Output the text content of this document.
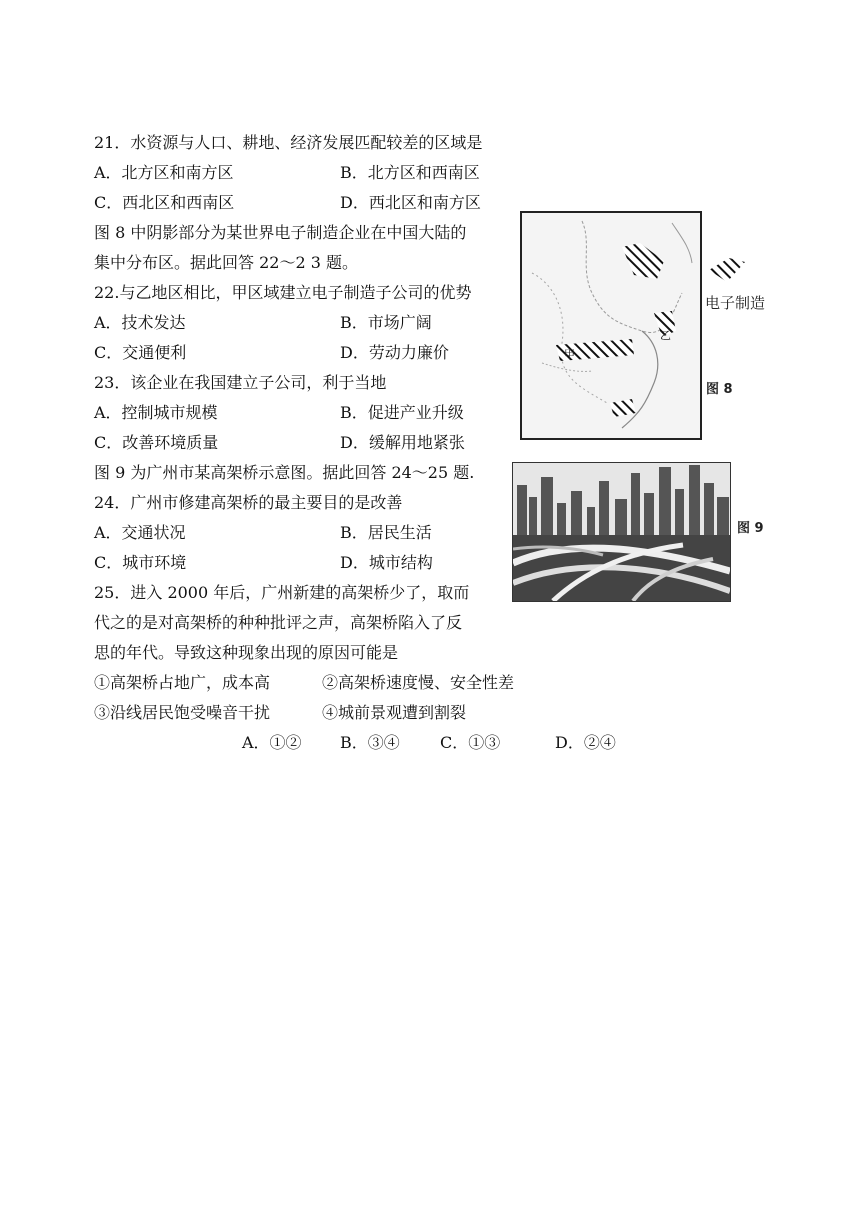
21．水资源与人口、耕地、经济发展匹配较差的区域是
A．北方区和南方区	B．北方区和西南区
C．西北区和西南区	D．西北区和南方区
图 8 中阴影部分为某世界电子制造企业在中国大陆的
集中分布区。据此回答 22～2 3 题。
22.与乙地区相比，甲区域建立电子制造子公司的优势
A．技术发达	B．市场广阔
C．交通便利	D．劳动力廉价
23．该企业在我国建立子公司，利于当地
A．控制城市规模	B．促进产业升级
C．改善环境质量	D．缓解用地紧张
图 9 为广州市某高架桥示意图。据此回答 24～25 题.
24．广州市修建高架桥的最主要目的是改善
A．交通状况	B．居民生活
C．城市环境	D．城市结构
25．进入 2000 年后，广州新建的高架桥少了，取而
代之的是对高架桥的种种批评之声，高架桥陷入了反
思的年代。导致这种现象出现的原因可能是
①高架桥占地广，成本高	②高架桥速度慢、安全性差
③沿线居民饱受噪音干扰	④城前景观遭到割裂
A．①② B．③④	C．①③	D．②④
乙
甲
电子制造
图 8
图 9
